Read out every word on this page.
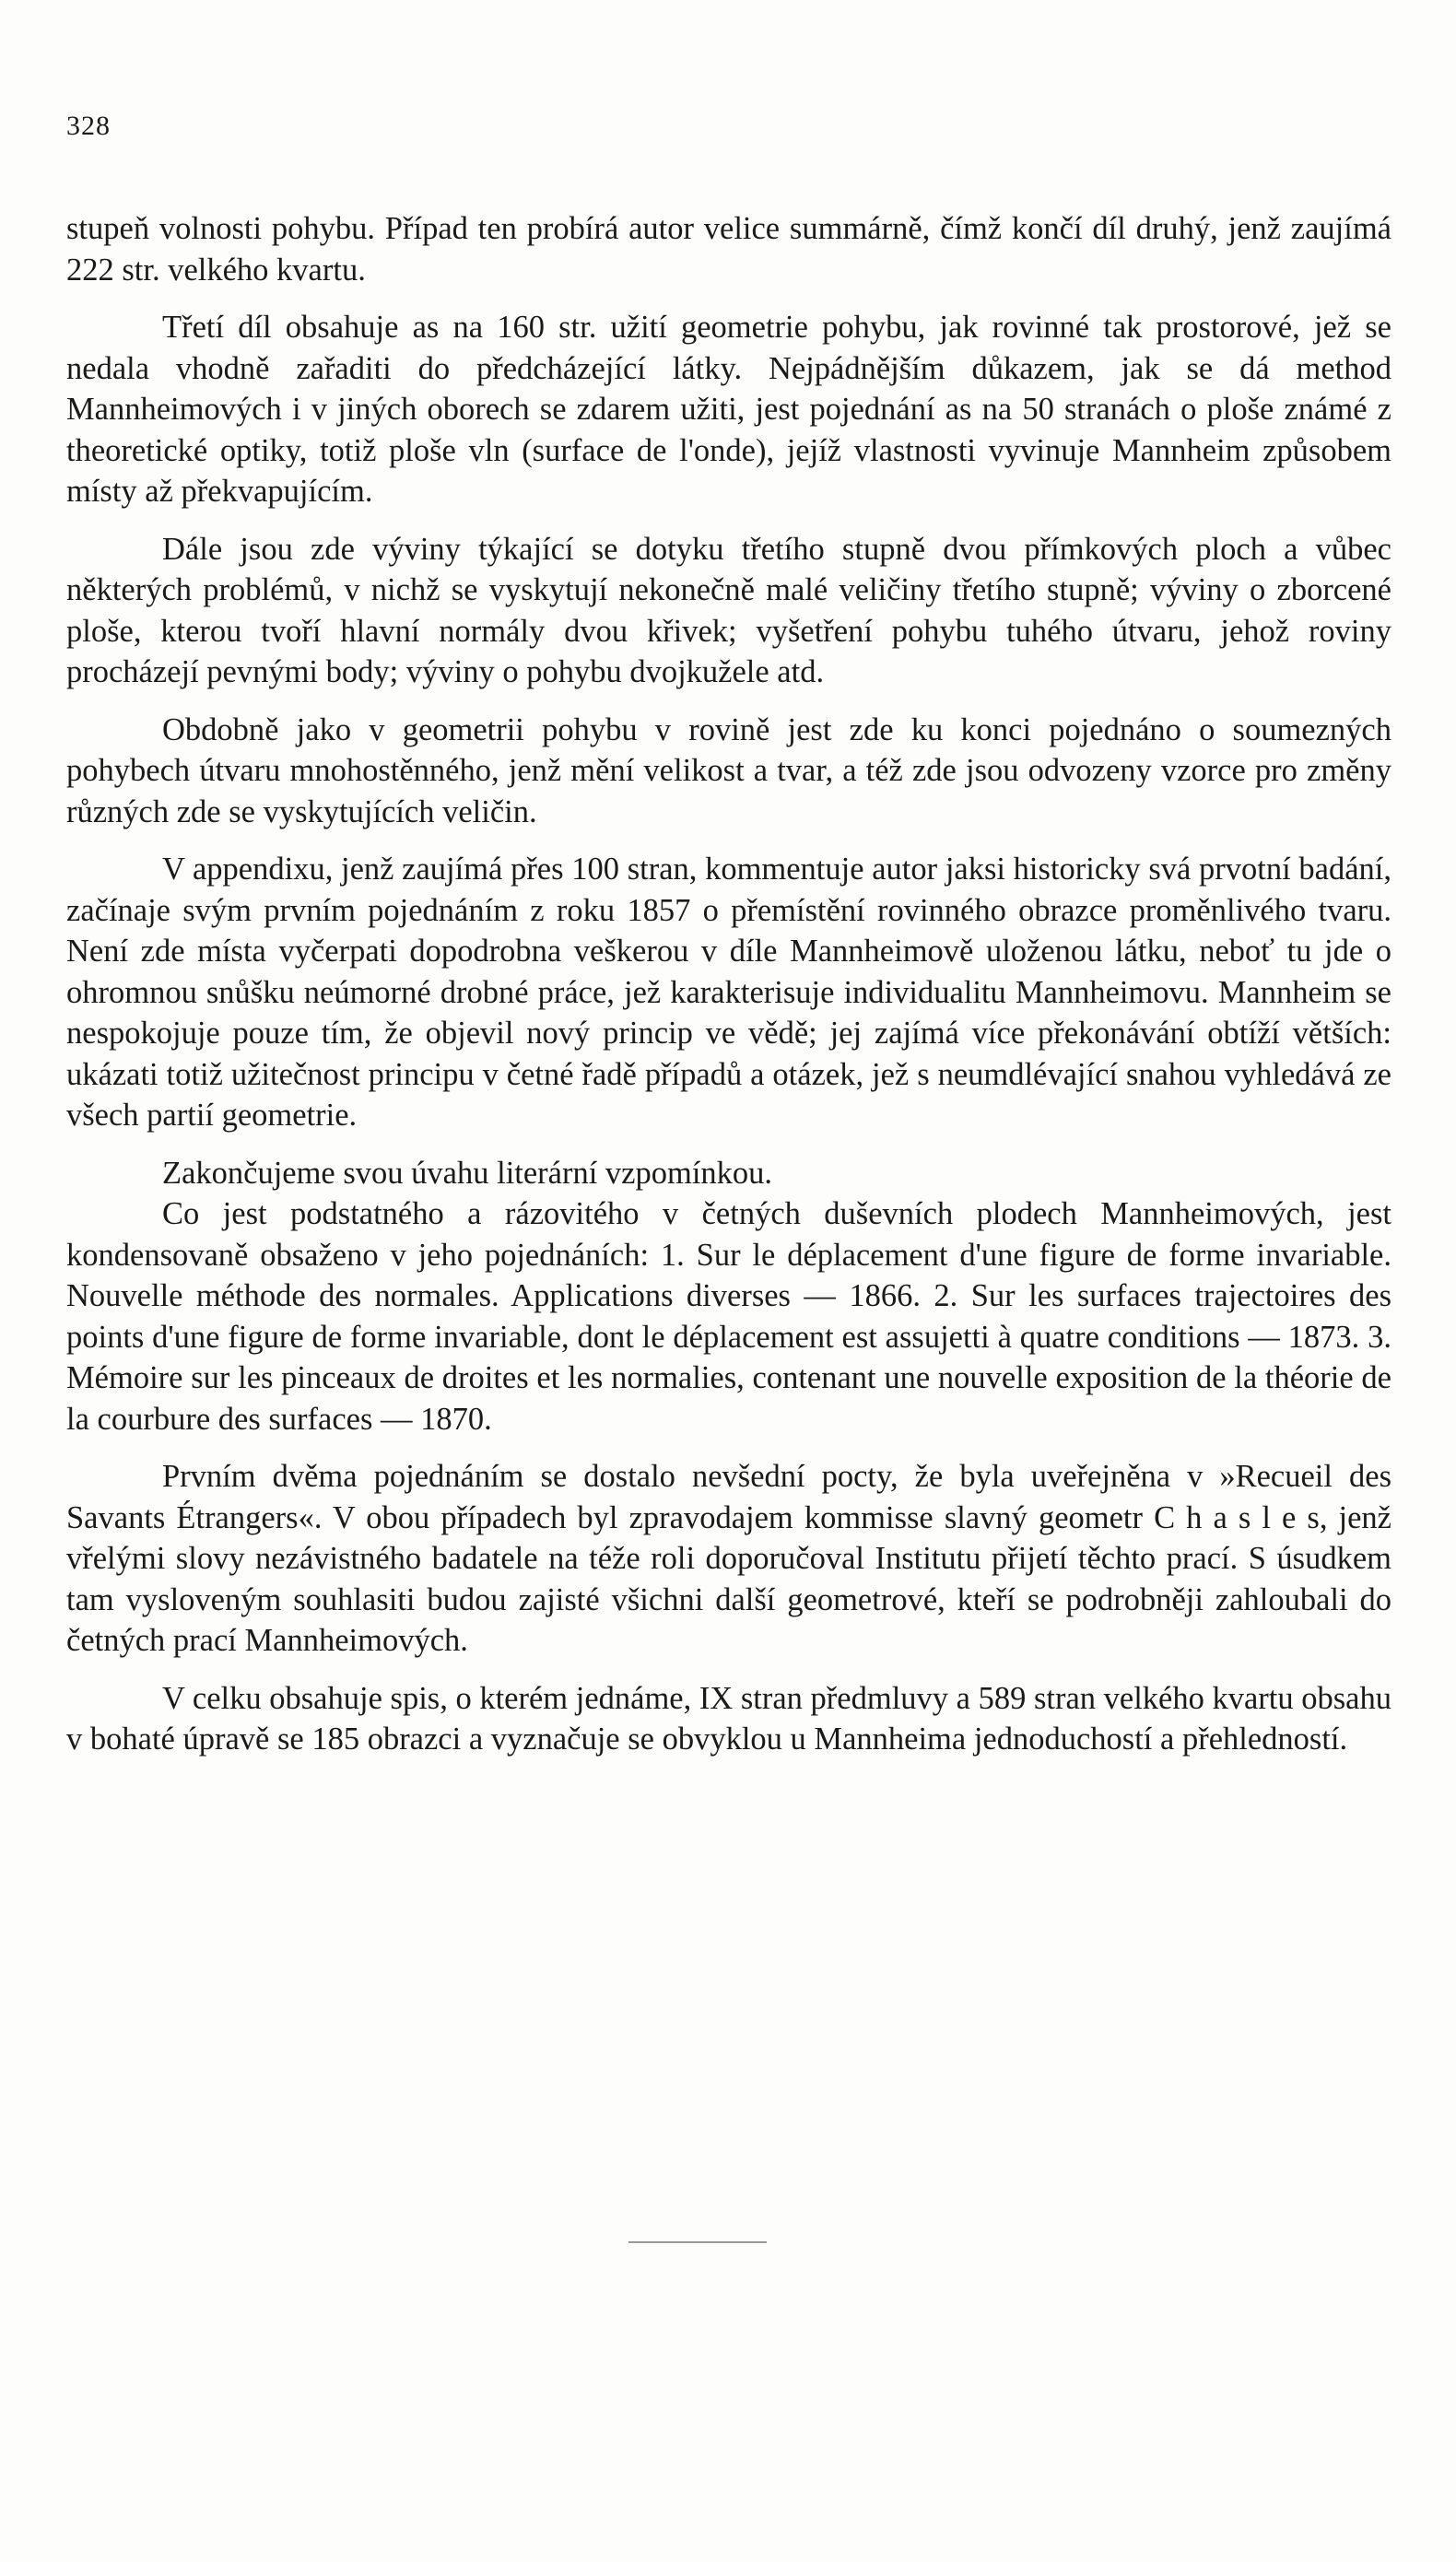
328

stupeň volnosti pohybu. Případ ten probírá autor velice summárně, čímž končí díl druhý, jenž zaujímá 222 str. velkého kvartu.

Třetí díl obsahuje as na 160 str. užití geometrie pohybu, jak rovinné tak prostorové, jež se nedala vhodně zařaditi do předcházející látky. Nejpádnějším důkazem, jak se dá method Mannheimových i v jiných oborech se zdarem užiti, jest pojednání as na 50 stranách o ploše známé z theoretické optiky, totiž ploše vln (surface de l'onde), jejíž vlastnosti vyvinuje Mannheim způsobem místy až překvapujícím.

Dále jsou zde vývinу týkající se dotyku třetího stupně dvou přímkových ploch a vůbec některých problémů, v nichž se vyskytují nekonečně malé veličiny třetího stupně; vývinу o zborcené ploše, kterou tvoří hlavní normály dvou křivek; vyšetření pohybu tuhého útvaru, jehož roviny procházejí pevnými body; vývinу o pohybu dvojkužele atd.

Obdobně jako v geometrii pohybu v rovině jest zde ku konci pojednáno o soumezných pohybech útvaru mnohostěnného, jenž mění velikost a tvar, a též zde jsou odvozeny vzorce pro změny různých zde se vyskytujících veličin.

V appendixu, jenž zaujímá přes 100 stran, kommentuje autor jaksi historicky svá prvotní badání, začínaje svým prvním pojednáním z roku 1857 o přemístění rovinného obrazce proměnlivého tvaru. Není zde místa vyčerpati dopodrobna veškerou v díle Mannheimově uloženou látku, neboť tu jde o ohromnou snůšku neúmorné drobné práce, jež karakterisuje individualitu Mannheimovu. Mannheim se nespokojuje pouze tím, že objevil nový princip ve vědě; jej zajímá více překonávání obtíží větších: ukázati totiž užitečnost principu v četné řadě případů a otázek, jež s neumdlévající snahou vyhledává ze všech partií geometrie.

Zakončujeme svou úvahu literární vzpomínkou.

Co jest podstatného a rázovitého v četných duševních plodech Mannheimových, jest kondensovaně obsaženo v jeho pojednáních: 1. Sur le déplacement d'une figure de forme invariable. Nouvelle méthode des normales. Applications diverses — 1866. 2. Sur les surfaces trajectoires des points d'une figure de forme invariable, dont le déplacement est assujetti à quatre conditions — 1873. 3. Mémoire sur les pinceaux de droites et les normalies, contenant une nouvelle exposition de la théorie de la courbure des surfaces — 1870.

Prvním dvěma pojednáním se dostalo nevšední pocty, že byla uveřejněna v »Recueil des Savants Étrangers«. V obou případech byl zpravodajem kommisse slavný geometr C h a s l e s, jenž vřelými slovy nezávistného badatele na téže roli doporučoval Institutu přijetí těchto prací. S úsudkem tam vysloveným souhlasiti budou zajisté všichni další geometrové, kteří se podrobněji zahloubali do četných prací Mannheimových.

V celku obsahuje spis, o kterém jednáme, IX stran předmluvy a 589 stran velkého kvartu obsahu v bohaté úpravě se 185 obrazci a vyznačuje se obvyklou u Mannheima jednoduchostí a přehledností.
